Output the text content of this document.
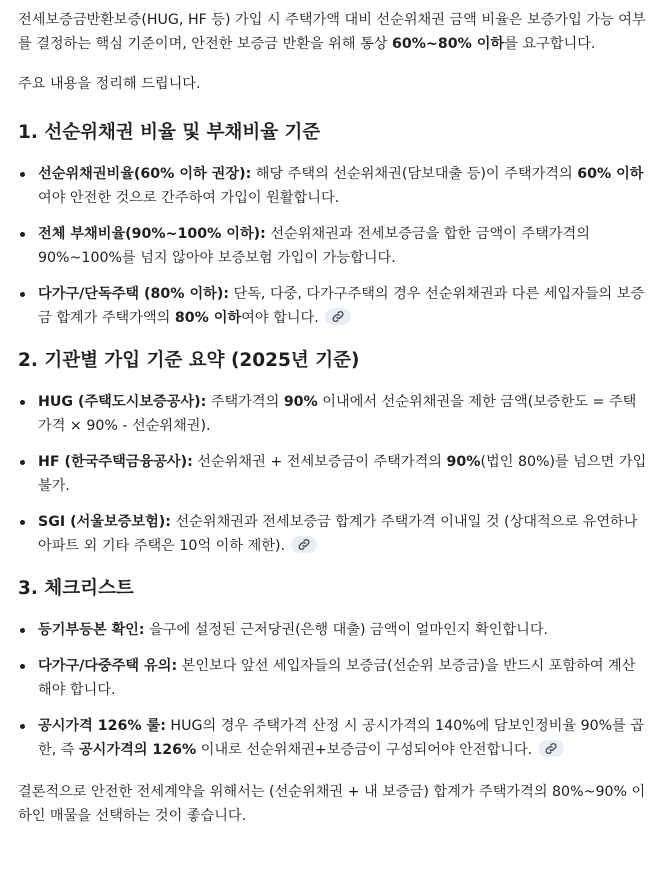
전세보증금반환보증(HUG, HF 등) 가입 시 주택가액 대비 선순위채권 금액 비율은 보증가입 가능 여부를 결정하는 핵심 기준이며, 안전한 보증금 반환을 위해 통상 60%~80% 이하를 요구합니다.

주요 내용을 정리해 드립니다.

1. 선순위채권 비율 및 부채비율 기준
선순위채권비율(60% 이하 권장): 해당 주택의 선순위채권(담보대출 등)이 주택가격의 60% 이하여야 안전한 것으로 간주하여 가입이 원활합니다.
전체 부채비율(90%~100% 이하): 선순위채권과 전세보증금을 합한 금액이 주택가격의 90%~100%를 넘지 않아야 보증보험 가입이 가능합니다.
다가구/단독주택 (80% 이하): 단독, 다중, 다가구주택의 경우 선순위채권과 다른 세입자들의 보증금 합계가 주택가액의 80% 이하여야 합니다.
2. 기관별 가입 기준 요약 (2025년 기준)
HUG (주택도시보증공사): 주택가격의 90% 이내에서 선순위채권을 제한 금액(보증한도 = 주택가격 × 90% - 선순위채권).
HF (한국주택금융공사): 선순위채권 + 전세보증금이 주택가격의 90%(법인 80%)를 넘으면 가입 불가.
SGI (서울보증보험): 선순위채권과 전세보증금 합계가 주택가격 이내일 것 (상대적으로 유연하나 아파트 외 기타 주택은 10억 이하 제한).
3. 체크리스트
등기부등본 확인: 을구에 설정된 근저당권(은행 대출) 금액이 얼마인지 확인합니다.
다가구/다중주택 유의: 본인보다 앞선 세입자들의 보증금(선순위 보증금)을 반드시 포함하여 계산해야 합니다.
공시가격 126% 룰: HUG의 경우 주택가격 산정 시 공시가격의 140%에 담보인정비율 90%를 곱한, 즉 공시가격의 126% 이내로 선순위채권+보증금이 구성되어야 안전합니다.

결론적으로 안전한 전세계약을 위해서는 (선순위채권 + 내 보증금) 합계가 주택가격의 80%~90% 이하인 매물을 선택하는 것이 좋습니다.
